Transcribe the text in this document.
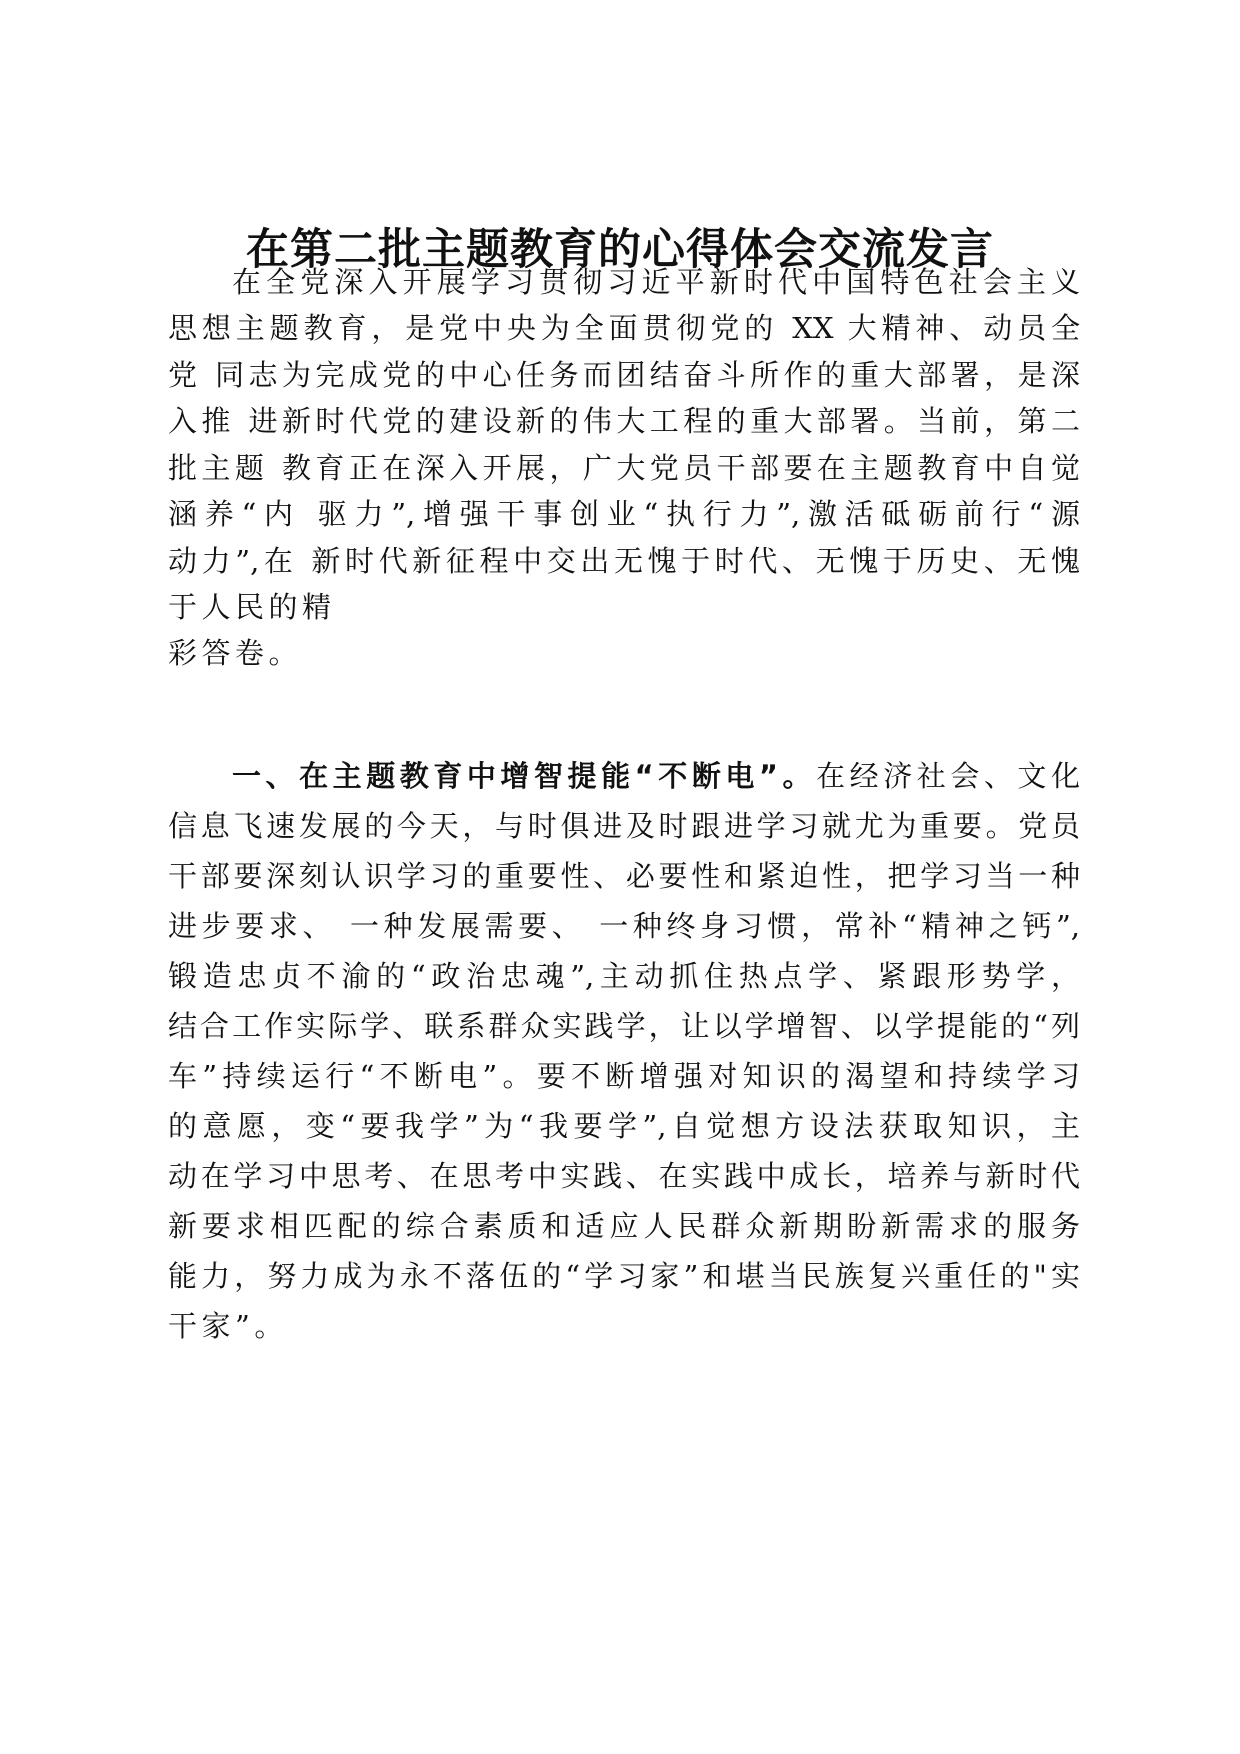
在第二批主题教育的心得体会交流发言
在全党深入开展学习贯彻习近平新时代中国特色社会主义
思想主题教育，是党中央为全面贯彻党的 XX 大精神、动员全
党 同志为完成党的中心任务而团结奋斗所作的重大部署，是深
入推 进新时代党的建设新的伟大工程的重大部署。当前，第二
批主题 教育正在深入开展，广大党员干部要在主题教育中自觉
涵养“内 驱力”,增强干事创业“执行力”,激活砥砺前行“源
动力”,在 新时代新征程中交出无愧于时代、无愧于历史、无愧
于人民的精
彩答卷。
一、在主题教育中增智提能“不断电”。在经济社会、文化
信息飞速发展的今天，与时俱进及时跟进学习就尤为重要。党员
干部要深刻认识学习的重要性、必要性和紧迫性，把学习当一种
进步要求、 一种发展需要、 一种终身习惯，常补“精神之钙”,
锻造忠贞不渝的“政治忠魂”,主动抓住热点学、紧跟形势学，
结合工作实际学、联系群众实践学，让以学增智、以学提能的“列
车”持续运行“不断电”。要不断增强对知识的渴望和持续学习
的意愿，变“要我学”为“我要学”,自觉想方设法获取知识，主
动在学习中思考、在思考中实践、在实践中成长，培养与新时代
新要求相匹配的综合素质和适应人民群众新期盼新需求的服务
能力，努力成为永不落伍的“学习家”和堪当民族复兴重任的"实
干家”。
